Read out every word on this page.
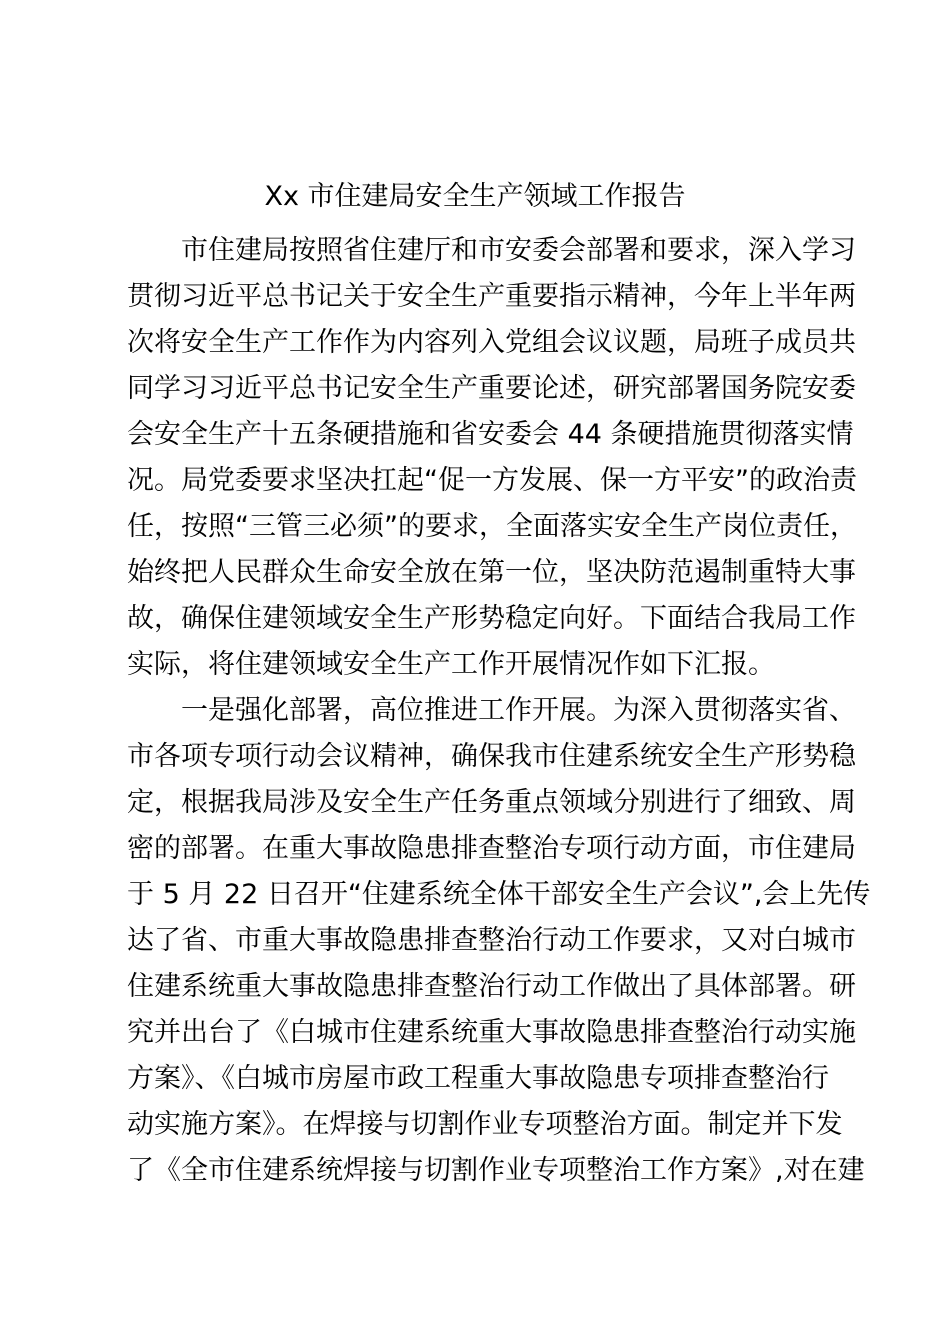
Xx 市住建局安全生产领域工作报告
市住建局按照省住建厅和市安委会部署和要求，深入学习
贯彻习近平总书记关于安全生产重要指示精神，今年上半年两
次将安全生产工作作为内容列入党组会议议题，局班子成员共
同学习习近平总书记安全生产重要论述，研究部署国务院安委
会安全生产十五条硬措施和省安委会 44 条硬措施贯彻落实情
况。局党委要求坚决扛起“促一方发展、保一方平安”的政治责
任，按照“三管三必须”的要求，全面落实安全生产岗位责任，
始终把人民群众生命安全放在第一位，坚决防范遏制重特大事
故，确保住建领域安全生产形势稳定向好。下面结合我局工作
实际，将住建领域安全生产工作开展情况作如下汇报。
一是强化部署，高位推进工作开展。为深入贯彻落实省、
市各项专项行动会议精神，确保我市住建系统安全生产形势稳
定，根据我局涉及安全生产任务重点领域分别进行了细致、周
密的部署。在重大事故隐患排查整治专项行动方面，市住建局
于 5 月 22 日召开“住建系统全体干部安全生产会议”,会上先传
达了省、市重大事故隐患排查整治行动工作要求，又对白城市
住建系统重大事故隐患排查整治行动工作做出了具体部署。研
究并出台了《白城市住建系统重大事故隐患排查整治行动实施
方案》、《白城市房屋市政工程重大事故隐患专项排查整治行
动实施方案》。在焊接与切割作业专项整治方面。制定并下发
了《全市住建系统焊接与切割作业专项整治工作方案》,对在建
